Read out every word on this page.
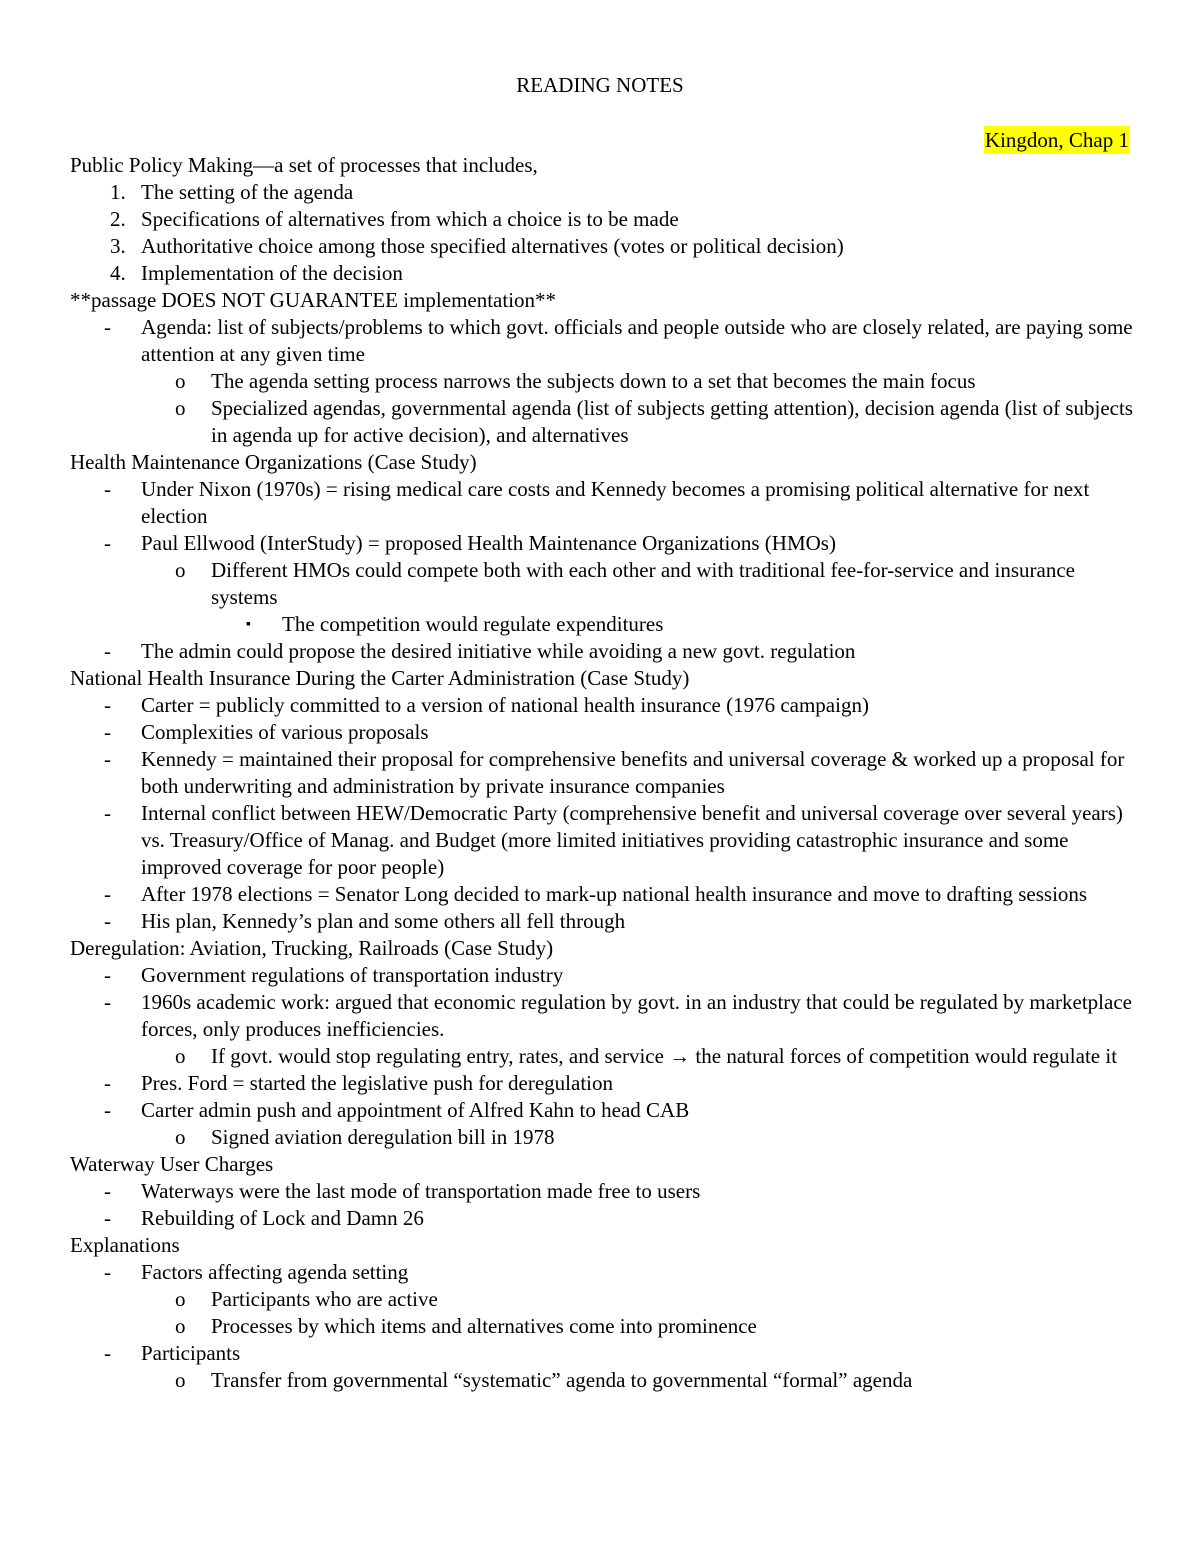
READING NOTES
Kingdon, Chap 1
Public Policy Making—a set of processes that includes,
1. The setting of the agenda
2. Specifications of alternatives from which a choice is to be made
3. Authoritative choice among those specified alternatives (votes or political decision)
4. Implementation of the decision
**passage DOES NOT GUARANTEE implementation**
- Agenda: list of subjects/problems to which govt. officials and people outside who are closely related, are paying some attention at any given time
o The agenda setting process narrows the subjects down to a set that becomes the main focus
o Specialized agendas, governmental agenda (list of subjects getting attention), decision agenda (list of subjects in agenda up for active decision), and alternatives
Health Maintenance Organizations (Case Study)
- Under Nixon (1970s) = rising medical care costs and Kennedy becomes a promising political alternative for next election
- Paul Ellwood (InterStudy) = proposed Health Maintenance Organizations (HMOs)
o Different HMOs could compete both with each other and with traditional fee-for-service and insurance systems
▪ The competition would regulate expenditures
- The admin could propose the desired initiative while avoiding a new govt. regulation
National Health Insurance During the Carter Administration (Case Study)
- Carter = publicly committed to a version of national health insurance (1976 campaign)
- Complexities of various proposals
- Kennedy = maintained their proposal for comprehensive benefits and universal coverage & worked up a proposal for both underwriting and administration by private insurance companies
- Internal conflict between HEW/Democratic Party (comprehensive benefit and universal coverage over several years) vs. Treasury/Office of Manag. and Budget (more limited initiatives providing catastrophic insurance and some improved coverage for poor people)
- After 1978 elections = Senator Long decided to mark-up national health insurance and move to drafting sessions
- His plan, Kennedy’s plan and some others all fell through
Deregulation: Aviation, Trucking, Railroads (Case Study)
- Government regulations of transportation industry
- 1960s academic work: argued that economic regulation by govt. in an industry that could be regulated by marketplace forces, only produces inefficiencies.
o If govt. would stop regulating entry, rates, and service → the natural forces of competition would regulate it
- Pres. Ford = started the legislative push for deregulation
- Carter admin push and appointment of Alfred Kahn to head CAB
o Signed aviation deregulation bill in 1978
Waterway User Charges
- Waterways were the last mode of transportation made free to users
- Rebuilding of Lock and Damn 26
Explanations
- Factors affecting agenda setting
o Participants who are active
o Processes by which items and alternatives come into prominence
- Participants
o Transfer from governmental “systematic” agenda to governmental “formal” agenda
